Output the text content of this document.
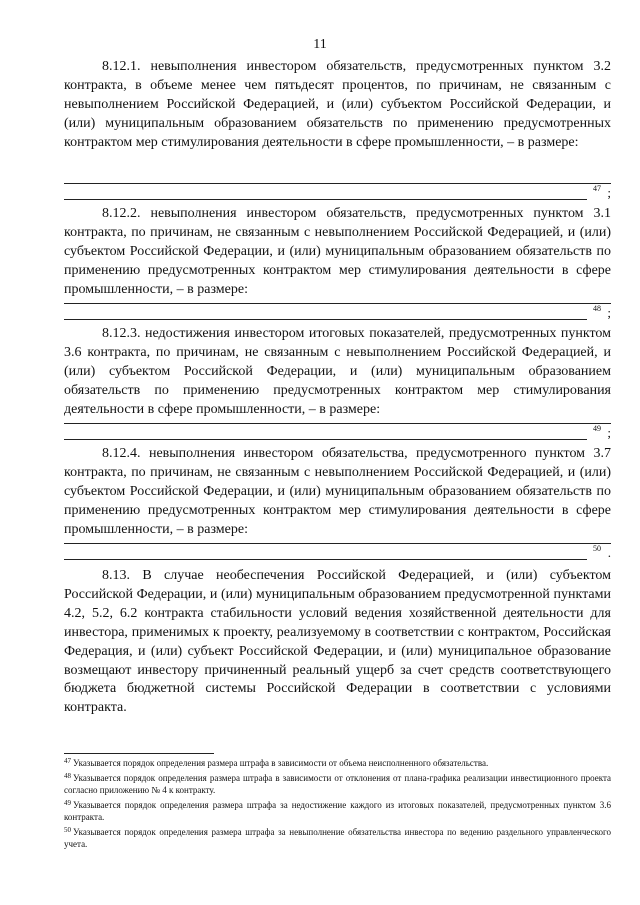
11

8.12.1. невыполнения инвестором обязательств, предусмотренных пунктом 3.2 контракта, в объеме менее чем пятьдесят процентов, по причинам, не связанным с невыполнением Российской Федерацией, и (или) субъектом Российской Федерации, и (или) муниципальным образованием обязательств по применению предусмотренных контрактом мер стимулирования деятельности в сфере промышленности, – в размере:

47 ;

8.12.2. невыполнения инвестором обязательств, предусмотренных пунктом 3.1 контракта, по причинам, не связанным с невыполнением Российской Федерацией, и (или) субъектом Российской Федерации, и (или) муниципальным образованием обязательств по применению предусмотренных контрактом мер стимулирования деятельности в сфере промышленности, – в размере:

48 ;

8.12.3. недостижения инвестором итоговых показателей, предусмотренных пунктом 3.6 контракта, по причинам, не связанным с невыполнением Российской Федерацией, и (или) субъектом Российской Федерации, и (или) муниципальным образованием обязательств по применению предусмотренных контрактом мер стимулирования деятельности в сфере промышленности, – в размере:

49 ;

8.12.4. невыполнения инвестором обязательства, предусмотренного пунктом 3.7 контракта, по причинам, не связанным с невыполнением Российской Федерацией, и (или) субъектом Российской Федерации, и (или) муниципальным образованием обязательств по применению предусмотренных контрактом мер стимулирования деятельности в сфере промышленности, – в размере:

50 .

8.13. В случае необеспечения Российской Федерацией, и (или) субъектом Российской Федерации, и (или) муниципальным образованием предусмотренной пунктами 4.2, 5.2, 6.2 контракта стабильности условий ведения хозяйственной деятельности для инвестора, применимых к проекту, реализуемому в соответствии с контрактом, Российская Федерация, и (или) субъект Российской Федерации, и (или) муниципальное образование возмещают инвестору причиненный реальный ущерб за счет средств соответствующего бюджета бюджетной системы Российской Федерации в соответствии с условиями контракта.

$^{47}$ Указывается порядок определения размера штрафа в зависимости от объема неисполненного обязательства.

$^{48}$ Указывается порядок определения размера штрафа в зависимости от отклонения от плана-графика реализации инвестиционного проекта согласно приложению № 4 к контракту.

$^{49}$ Указывается порядок определения размера штрафа за недостижение каждого из итоговых показателей, предусмотренных пунктом 3.6 контракта.

$^{50}$ Указывается порядок определения размера штрафа за невыполнение обязательства инвестора по ведению раздельного управленческого учета.
